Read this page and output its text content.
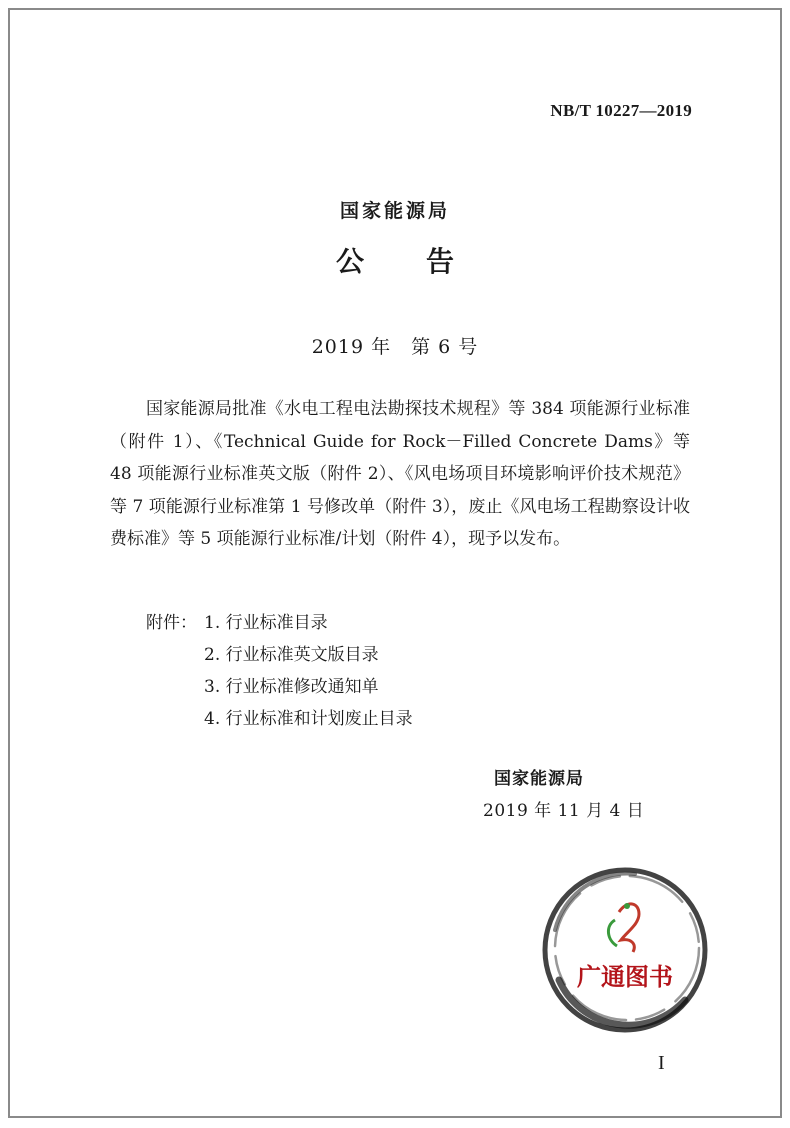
NB/T 10227—2019
国家能源局
公告
2019 年　第 6 号

国家能源局批准《水电工程电法勘探技术规程》等 384 项能源行业标准（附件 1）、《Technical Guide for Rock－Filled Concrete Dams》等 48 项能源行业标准英文版（附件 2）、《风电场项目环境影响评价技术规范》等 7 项能源行业标准第 1 号修改单（附件 3），废止《风电场工程勘察设计收费标准》等 5 项能源行业标准/计划（附件 4），现予以发布。

附件： 1. 行业标准目录
2. 行业标准英文版目录
3. 行业标准修改通知单
4. 行业标准和计划废止目录
国家能源局
2019 年 11 月 4 日
广通图书
I
